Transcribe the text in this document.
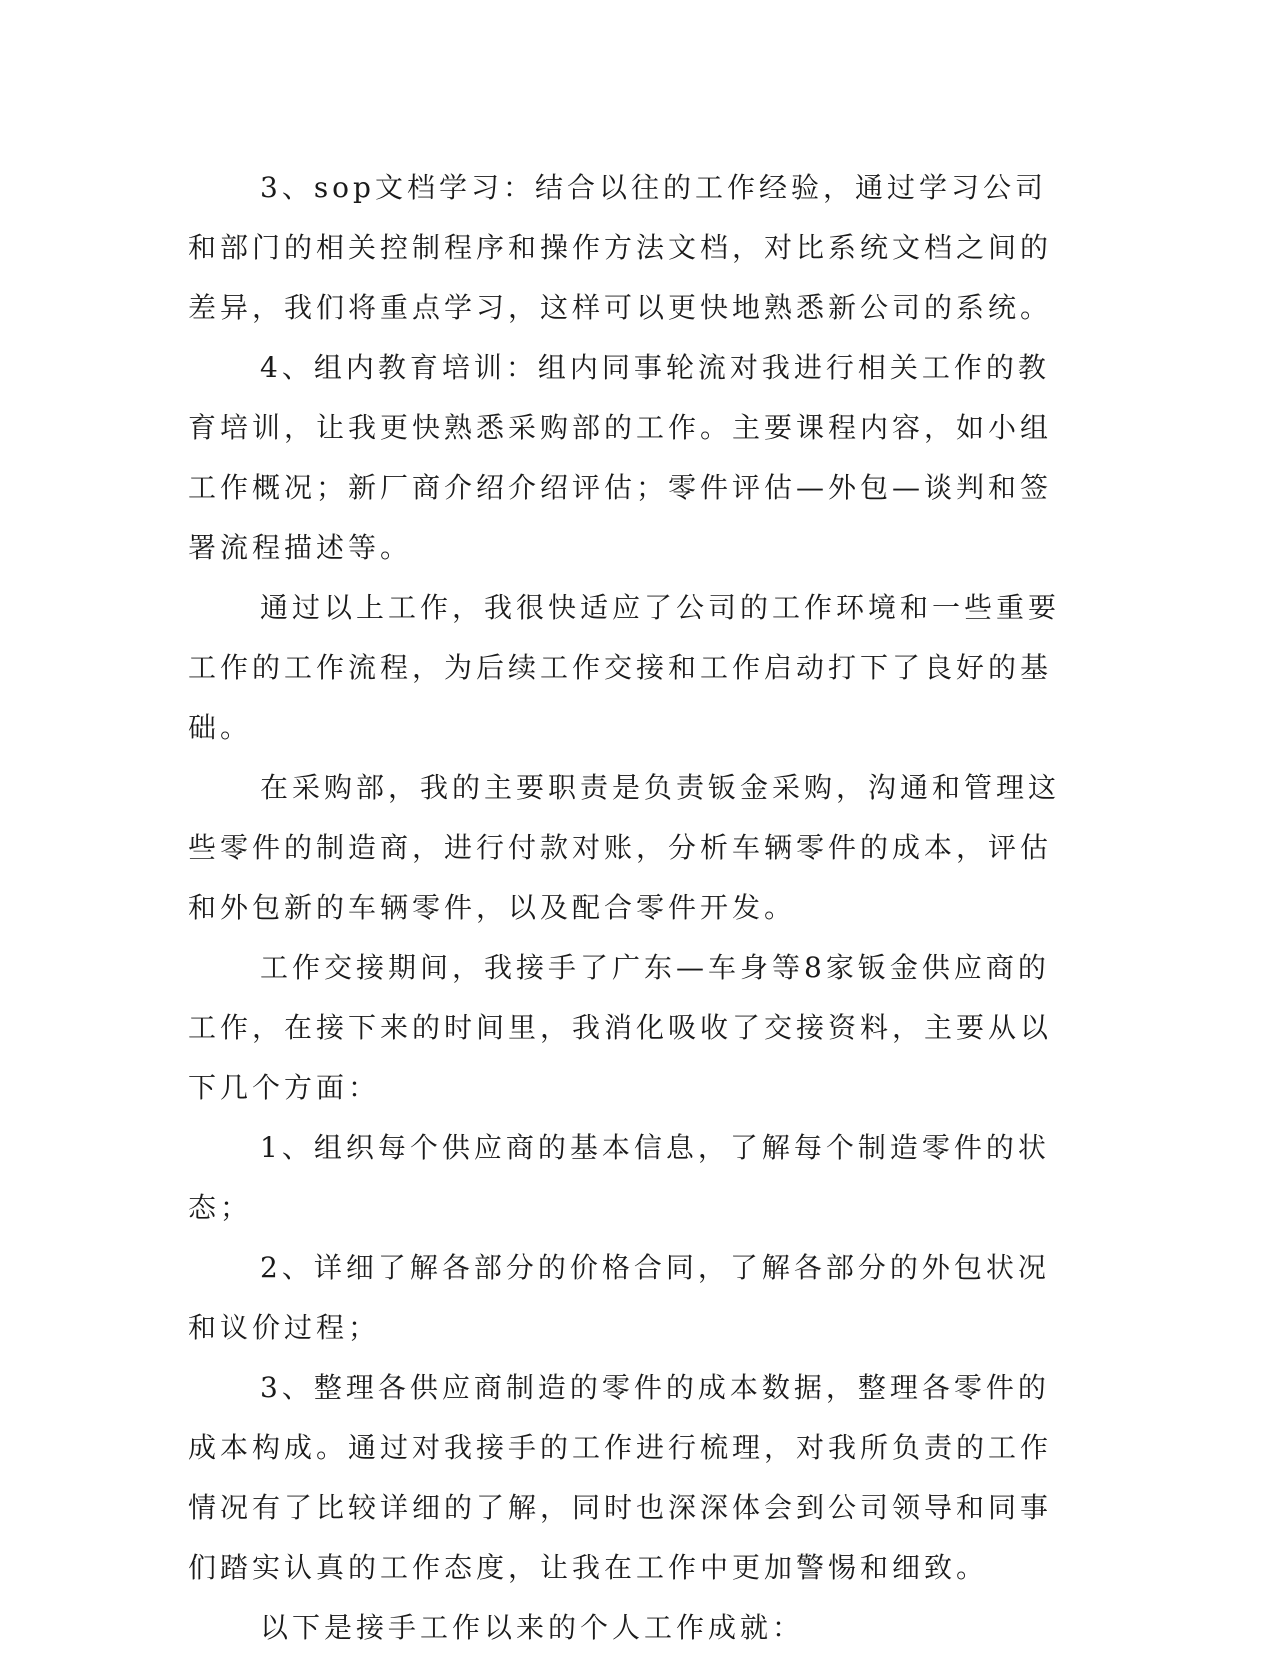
3、sop文档学习：结合以往的工作经验，通过学习公司和部门的相关控制程序和操作方法文档，对比系统文档之间的差异，我们将重点学习，这样可以更快地熟悉新公司的系统。

4、组内教育培训：组内同事轮流对我进行相关工作的教育培训，让我更快熟悉采购部的工作。主要课程内容，如小组工作概况；新厂商介绍介绍评估；零件评估—外包—谈判和签署流程描述等。

通过以上工作，我很快适应了公司的工作环境和一些重要工作的工作流程，为后续工作交接和工作启动打下了良好的基础。

在采购部，我的主要职责是负责钣金采购，沟通和管理这些零件的制造商，进行付款对账，分析车辆零件的成本，评估和外包新的车辆零件，以及配合零件开发。

工作交接期间，我接手了广东—车身等8家钣金供应商的工作，在接下来的时间里，我消化吸收了交接资料，主要从以下几个方面：

1、组织每个供应商的基本信息，了解每个制造零件的状态；

2、详细了解各部分的价格合同，了解各部分的外包状况和议价过程；

3、整理各供应商制造的零件的成本数据，整理各零件的成本构成。通过对我接手的工作进行梳理，对我所负责的工作情况有了比较详细的了解，同时也深深体会到公司领导和同事们踏实认真的工作态度，让我在工作中更加警惕和细致。

以下是接手工作以来的个人工作成就：
